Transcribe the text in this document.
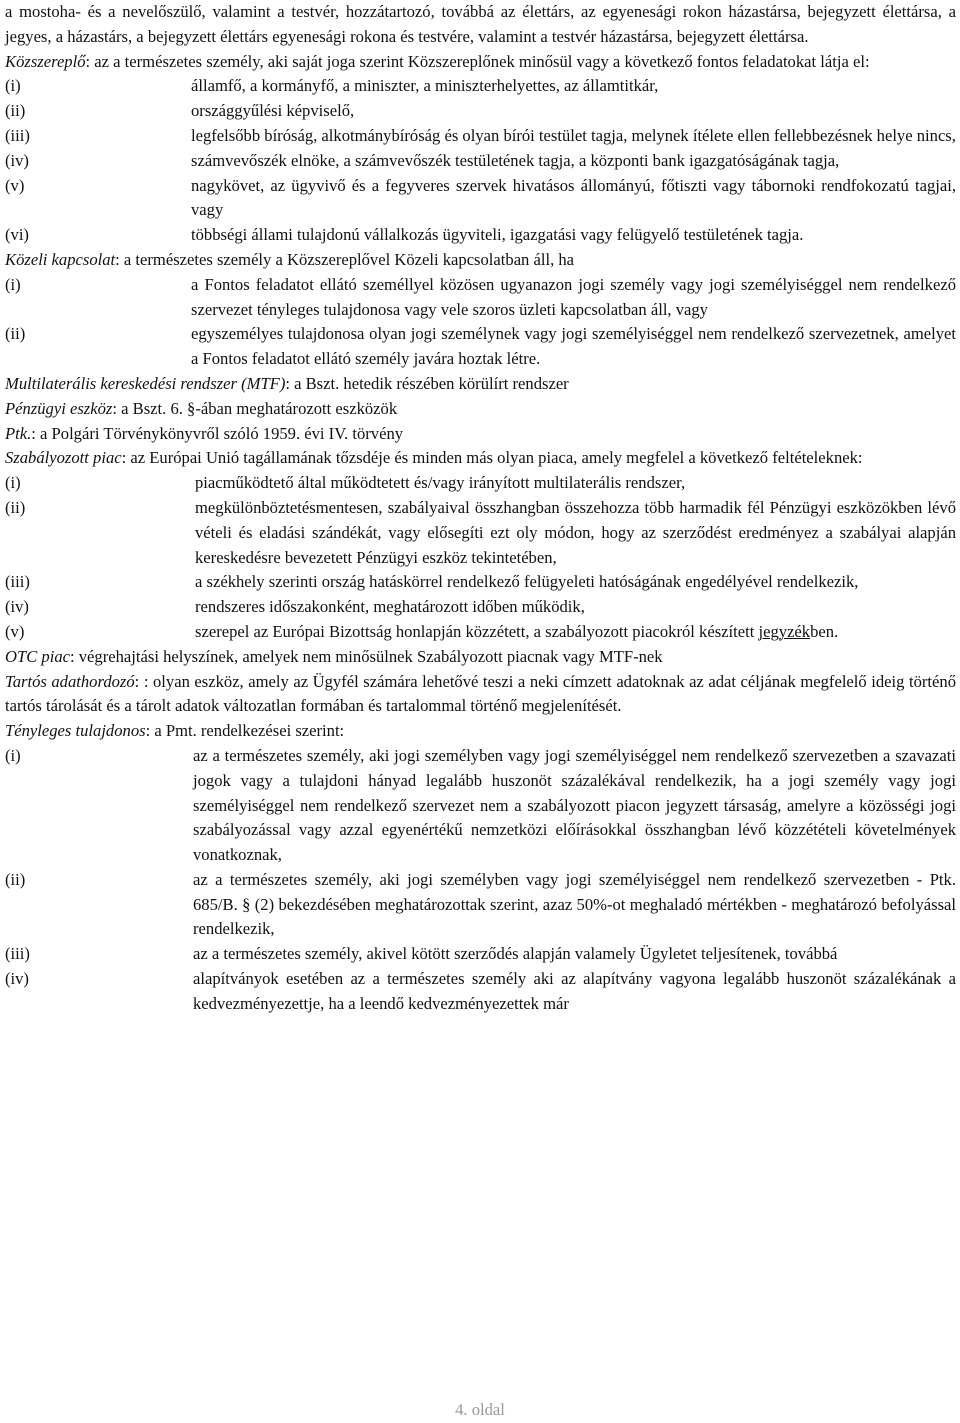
a mostoha- és a nevelőszülő, valamint a testvér, hozzátartozó, továbbá az élettárs, az egyenesági rokon házastársa, bejegyzett élettársa, a jegyes, a házastárs, a bejegyzett élettárs egyenesági rokona és testvére, valamint a testvér házastársa, bejegyzett élettársa.

Közszereplő: az a természetes személy, aki saját joga szerint Közszereplőnek minősül vagy a következő fontos feladatokat látja el:

(i)	államfő, a kormányfő, a miniszter, a miniszterhelyettes, az államtitkár,
(ii)	országgyűlési képviselő,
(iii)	legfelsőbb bíróság, alkotmánybíróság és olyan bírói testület tagja, melynek ítélete ellen fellebbezésnek helye nincs,
(iv)	számvevőszék elnöke, a számvevőszék testületének tagja, a központi bank igazgatóságának tagja,
(v)	nagykövet, az ügyvivő és a fegyveres szervek hivatásos állományú, főtiszti vagy tábornoki rendfokozatú tagjai, vagy
(vi)	többségi állami tulajdonú vállalkozás ügyviteli, igazgatási vagy felügyelő testületének tagja.

Közeli kapcsolat: a természetes személy a Közszereplővel Közeli kapcsolatban áll, ha

(i)	a Fontos feladatot ellátó személlyel közösen ugyanazon jogi személy vagy jogi személyiséggel nem rendelkező szervezet tényleges tulajdonosa vagy vele szoros üzleti kapcsolatban áll, vagy
(ii)	egyszemélyes tulajdonosa olyan jogi személynek vagy jogi személyiséggel nem rendelkező szervezetnek, amelyet a Fontos feladatot ellátó személy javára hoztak létre.

Multilaterális kereskedési rendszer (MTF): a Bszt. hetedik részében körülírt rendszer

Pénzügyi eszköz: a Bszt. 6. §-ában meghatározott eszközök

Ptk.: a Polgári Törvénykönyvről szóló 1959. évi IV. törvény

Szabályozott piac: az Európai Unió tagállamának tőzsdéje és minden más olyan piaca, amely megfelel a következő feltételeknek:

(i)	piacműködtető által működtetett és/vagy irányított multilaterális rendszer,
(ii)	megkülönböztetésmentesen, szabályaival összhangban összehozza több harmadik fél Pénzügyi eszközökben lévő vételi és eladási szándékát, vagy elősegíti ezt oly módon, hogy az szerződést eredményez a szabályai alapján kereskedésre bevezetett Pénzügyi eszköz tekintetében,
(iii)	a székhely szerinti ország hatáskörrel rendelkező felügyeleti hatóságának engedélyével rendelkezik,
(iv)	rendszeres időszakonként, meghatározott időben működik,
(v)	szerepel az Európai Bizottság honlapján közzétett, a szabályozott piacokról készített jegyzékben.

OTC piac: végrehajtási helyszínek, amelyek nem minősülnek Szabályozott piacnak vagy MTF-nek

Tartós adathordozó: : olyan eszköz, amely az Ügyfél számára lehetővé teszi a neki címzett adatoknak az adat céljának megfelelő ideig történő tartós tárolását és a tárolt adatok változatlan formában és tartalommal történő megjelenítését.

Tényleges tulajdonos: a Pmt. rendelkezései szerint:

(i)	az a természetes személy, aki jogi személyben vagy jogi személyiséggel nem rendelkező szervezetben a szavazati jogok vagy a tulajdoni hányad legalább huszonöt százalékával rendelkezik, ha a jogi személy vagy jogi személyiséggel nem rendelkező szervezet nem a szabályozott piacon jegyzett társaság, amelyre a közösségi jogi szabályozással vagy azzal egyenértékű nemzetközi előírásokkal összhangban lévő közzétételi követelmények vonatkoznak,
(ii)	az a természetes személy, aki jogi személyben vagy jogi személyiséggel nem rendelkező szervezetben - Ptk. 685/B. § (2) bekezdésében meghatározottak szerint, azaz 50%-ot meghaladó mértékben - meghatározó befolyással rendelkezik,
(iii)	az a természetes személy, akivel kötött szerződés alapján valamely Ügyletet teljesítenek, továbbá
(iv)	alapítványok esetében az a természetes személy aki az alapítvány vagyona legalább huszonöt százalékának a kedvezményezettje, ha a leendő kedvezményezettek már
4. oldal
